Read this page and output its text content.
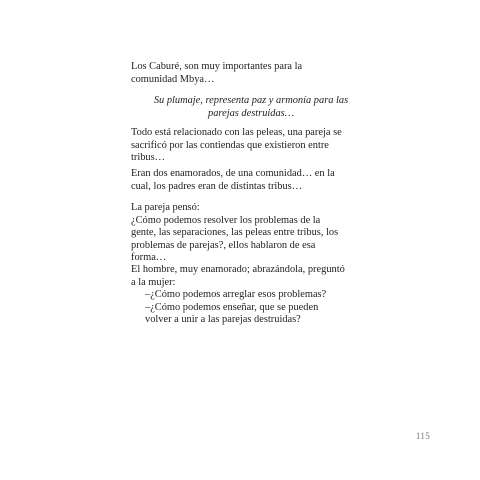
Los Caburé, son muy importantes para la

comunidad Mbya…

Su plumaje, representa paz y armonía para las

parejas destruidas…

Todo está relacionado con las peleas, una pareja se

sacrificó por las contiendas que existieron entre

tribus…

Eran dos enamorados, de una comunidad… en la

cual, los padres eran de distintas tribus…

La pareja pensó:

¿Cómo podemos resolver los problemas de la

gente, las separaciones, las peleas entre tribus, los

problemas de parejas?, ellos hablaron de esa

forma…

El hombre, muy enamorado; abrazándola, preguntó

a la mujer:

–¿Cómo podemos arreglar esos problemas?

–¿Cómo podemos enseñar, que se pueden

volver a unir a las parejas destruidas?

115
